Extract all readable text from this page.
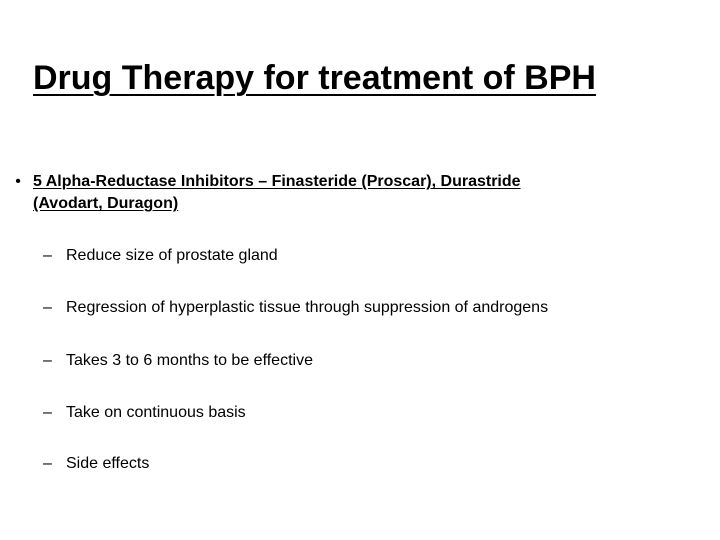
Drug Therapy for treatment of BPH
• 5 Alpha-Reductase Inhibitors – Finasteride (Proscar), Durastride (Avodart, Duragon)
– Reduce size of prostate gland
– Regression of hyperplastic tissue through suppression of androgens
– Takes 3 to 6 months to be effective
– Take on continuous basis
– Side effects
